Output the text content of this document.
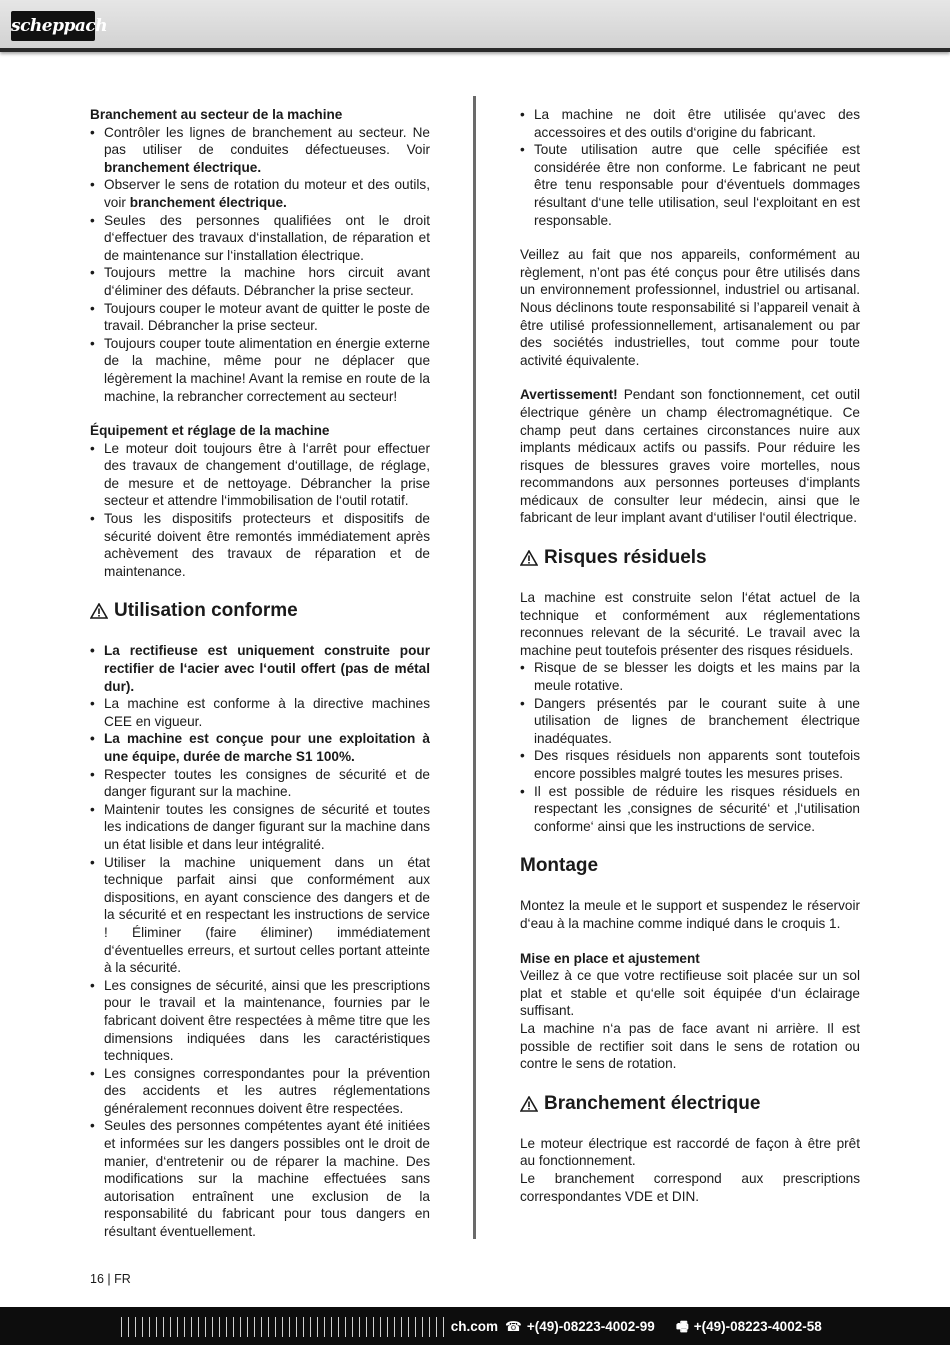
scheppach

Branchement au secteur de la machine

• Contrôler les lignes de branchement au secteur. Ne pas utiliser de conduites défectueuses. Voir branchement électrique.
• Observer le sens de rotation du moteur et des outils, voir branchement électrique.
• Seules des personnes qualifiées ont le droit d‘effectuer des travaux d‘installation, de réparation et de maintenance sur l‘installation électrique.
• Toujours mettre la machine hors circuit avant d‘éliminer des défauts. Débrancher la prise secteur.
• Toujours couper le moteur avant de quitter le poste de travail. Débrancher la prise secteur.
• Toujours couper toute alimentation en énergie externe de la machine, même pour ne déplacer que légèrement la machine! Avant la remise en route de la machine, la rebrancher correctement au secteur!

Équipement et réglage de la machine

• Le moteur doit toujours être à l‘arrêt pour effectuer des travaux de changement d‘outillage, de réglage, de mesure et de nettoyage. Débrancher la prise secteur et attendre l‘immobilisation de l‘outil rotatif.
• Tous les dispositifs protecteurs et dispositifs de sécurité doivent être remontés immédiatement après achèvement des travaux de réparation et de maintenance.
Utilisation conforme
• La rectifieuse est uniquement construite pour rectifier de l‘acier avec l‘outil offert (pas de métal dur).
• La machine est conforme à la directive machines CEE en vigueur.
• La machine est conçue pour une exploitation à une équipe, durée de marche S1 100%.
• Respecter toutes les consignes de sécurité et de danger figurant sur la machine.
• Maintenir toutes les consignes de sécurité et toutes les indications de danger figurant sur la machine dans un état lisible et dans leur intégralité.
• Utiliser la machine uniquement dans un état technique parfait ainsi que conformément aux dispositions, en ayant conscience des dangers et de la sécurité et en respectant les instructions de service ! Éliminer (faire éliminer) immédiatement d‘éventuelles erreurs, et surtout celles portant atteinte à la sécurité.
• Les consignes de sécurité, ainsi que les prescriptions pour le travail et la maintenance, fournies par le fabricant doivent être respectées à même titre que les dimensions indiquées dans les caractéristiques techniques.
• Les consignes correspondantes pour la prévention des accidents et les autres réglementations généralement reconnues doivent être respectées.
• Seules des personnes compétentes ayant été initiées et informées sur les dangers possibles ont le droit de manier, d‘entretenir ou de réparer la machine. Des modifications sur la machine effectuées sans autorisation entraînent une exclusion de la responsabilité du fabricant pour tous dangers en résultant éventuellement.
• La machine ne doit être utilisée qu‘avec des accessoires et des outils d‘origine du fabricant.
• Toute utilisation autre que celle spécifiée est considérée être non conforme. Le fabricant ne peut être tenu responsable pour d‘éventuels dommages résultant d‘une telle utilisation, seul l‘exploitant en est responsable.

Veillez au fait que nos appareils, conformément au règlement, n’ont pas été conçus pour être utilisés dans un environnement professionnel, industriel ou artisanal. Nous déclinons toute responsabilité si l’appareil venait à être utilisé professionnellement, artisanalement ou par des sociétés industrielles, tout comme pour toute activité équivalente.

Avertissement! Pendant son fonctionnement, cet outil électrique génère un champ électromagnétique. Ce champ peut dans certaines circonstances nuire aux implants médicaux actifs ou passifs. Pour réduire les risques de blessures graves voire mortelles, nous recommandons aux personnes porteuses d‘implants médicaux de consulter leur médecin, ainsi que le fabricant de leur implant avant d‘utiliser l‘outil électrique.

Risques résiduels

La machine est construite selon l‘état actuel de la technique et conformément aux réglementations reconnues relevant de la sécurité. Le travail avec la machine peut toutefois présenter des risques résiduels.

• Risque de se blesser les doigts et les mains par la meule rotative.
• Dangers présentés par le courant suite à une utilisation de lignes de branchement électrique inadéquates.
• Des risques résiduels non apparents sont toutefois encore possibles malgré toutes les mesures prises.
• Il est possible de réduire les risques résiduels en respectant les ‚consignes de sécurité‘ et ‚l‘utilisation conforme‘ ainsi que les instructions de service.
Montage

Montez la meule et le support et suspendez le réservoir d‘eau à la machine comme indiqué dans le croquis 1.

Mise en place et ajustement

Veillez à ce que votre rectifieuse soit placée sur un sol plat et stable et qu‘elle soit équipée d‘un éclairage suffisant.

La machine n‘a pas de face avant ni arrière. Il est possible de rectifier soit dans le sens de rotation ou contre le sens de rotation.

Branchement électrique

Le moteur électrique est raccordé de façon à être prêt au fonctionnement.

Le branchement correspond aux prescriptions correspondantes VDE et DIN.

16 | FR
ch.com ☎ +(49)-08223-4002-99 🖷 +(49)-08223-4002-58
